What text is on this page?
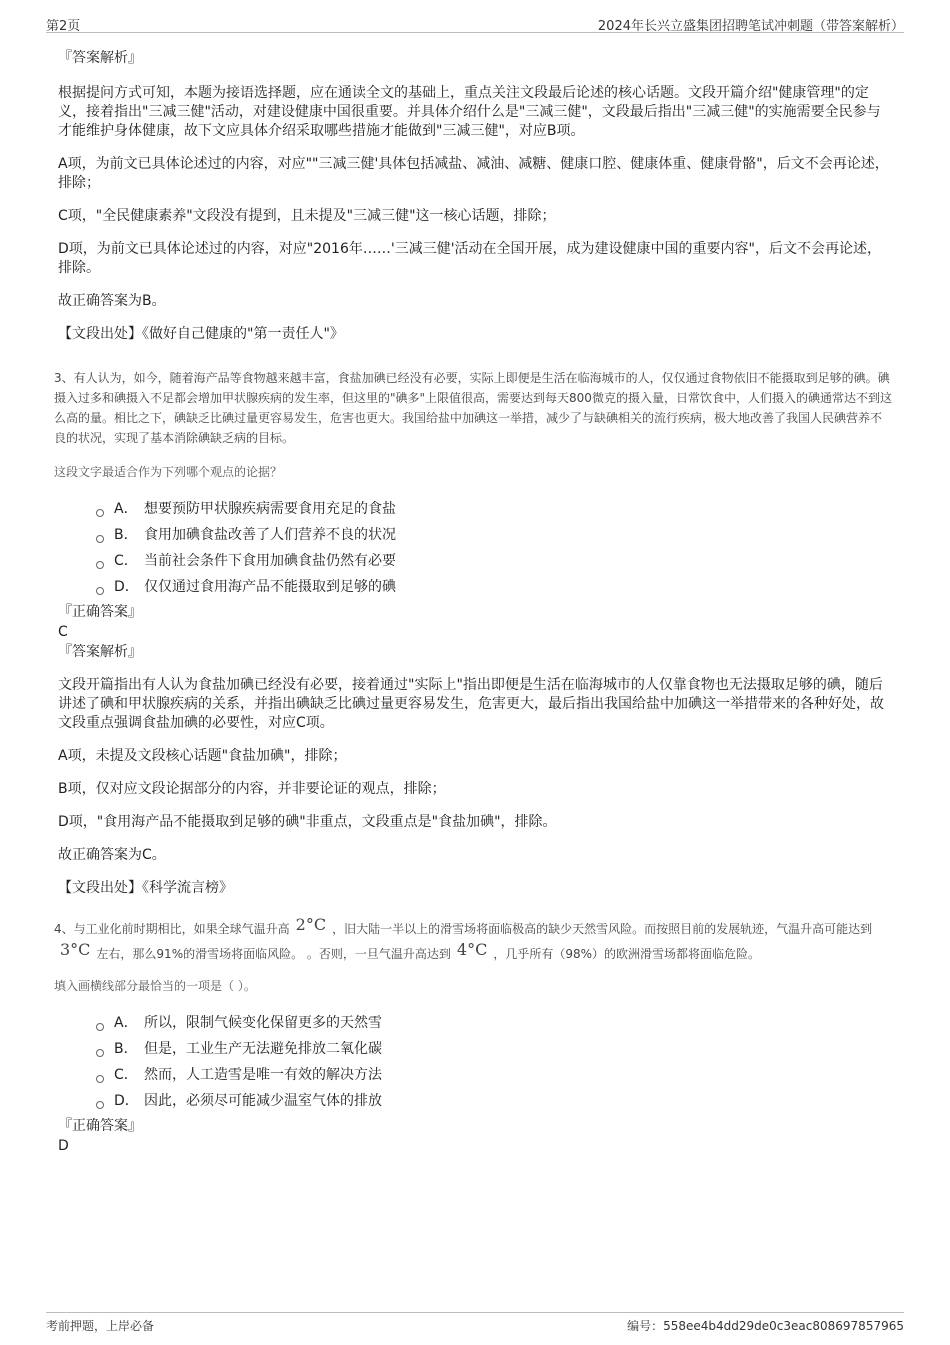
第2页	2024年长兴立盛集团招聘笔试冲刺题（带答案解析）
『答案解析』

根据提问方式可知，本题为接语选择题，应在通读全文的基础上，重点关注文段最后论述的核心话题。文段开篇介绍"健康管理"的定义，接着指出"三减三健"活动，对建设健康中国很重要。并具体介绍什么是"三减三健"，文段最后指出"三减三健"的实施需要全民参与才能维护身体健康，故下文应具体介绍采取哪些措施才能做到"三减三健"，对应B项。

A项，为前文已具体论述过的内容，对应""三减三健'具体包括减盐、减油、减糖、健康口腔、健康体重、健康骨骼"，后文不会再论述，排除；

C项，"全民健康素养"文段没有提到，且未提及"三减三健"这一核心话题，排除；

D项，为前文已具体论述过的内容，对应"2016年……'三减三健'活动在全国开展，成为建设健康中国的重要内容"，后文不会再论述，排除。

故正确答案为B。

【文段出处】《做好自己健康的"第一责任人"》

3、有人认为，如今，随着海产品等食物越来越丰富，食盐加碘已经没有必要，实际上即便是生活在临海城市的人，仅仅通过食物依旧不能摄取到足够的碘。碘摄入过多和碘摄入不足都会增加甲状腺疾病的发生率，但这里的"碘多"上限值很高，需要达到每天800微克的摄入量，日常饮食中，人们摄入的碘通常达不到这么高的量。相比之下，碘缺乏比碘过量更容易发生，危害也更大。我国给盐中加碘这一举措，减少了与缺碘相关的流行疾病，极大地改善了我国人民碘营养不良的状况，实现了基本消除碘缺乏病的目标。

这段文字最适合作为下列哪个观点的论据？

A． 想要预防甲状腺疾病需要食用充足的食盐
B． 食用加碘食盐改善了人们营养不良的状况
C． 当前社会条件下食用加碘食盐仍然有必要
D． 仅仅通过食用海产品不能摄取到足够的碘
『正确答案』
C
『答案解析』

文段开篇指出有人认为食盐加碘已经没有必要，接着通过"实际上"指出即便是生活在临海城市的人仅靠食物也无法摄取足够的碘，随后讲述了碘和甲状腺疾病的关系，并指出碘缺乏比碘过量更容易发生，危害更大，最后指出我国给盐中加碘这一举措带来的各种好处，故文段重点强调食盐加碘的必要性，对应C项。

A项，未提及文段核心话题"食盐加碘"，排除；

B项，仅对应文段论据部分的内容，并非要论证的观点，排除；

D项，"食用海产品不能摄取到足够的碘"非重点，文段重点是"食盐加碘"，排除。

故正确答案为C。

【文段出处】《科学流言榜》

4、与工业化前时期相比，如果全球气温升高 2°C ，旧大陆一半以上的滑雪场将面临极高的缺少天然雪风险。而按照目前的发展轨迹，气温升高可能达到3°C 左右，那么91%的滑雪场将面临风险。 。否则，一旦气温升高达到 4°C ，几乎所有（98%）的欧洲滑雪场都将面临危险。

填入画横线部分最恰当的一项是（ ）。

A． 所以，限制气候变化保留更多的天然雪
B． 但是，工业生产无法避免排放二氧化碳
C． 然而，人工造雪是唯一有效的解决方法
D． 因此，必须尽可能减少温室气体的排放
『正确答案』
D
考前押题，上岸必备	编号：558ee4b4dd29de0c3eac808697857965
